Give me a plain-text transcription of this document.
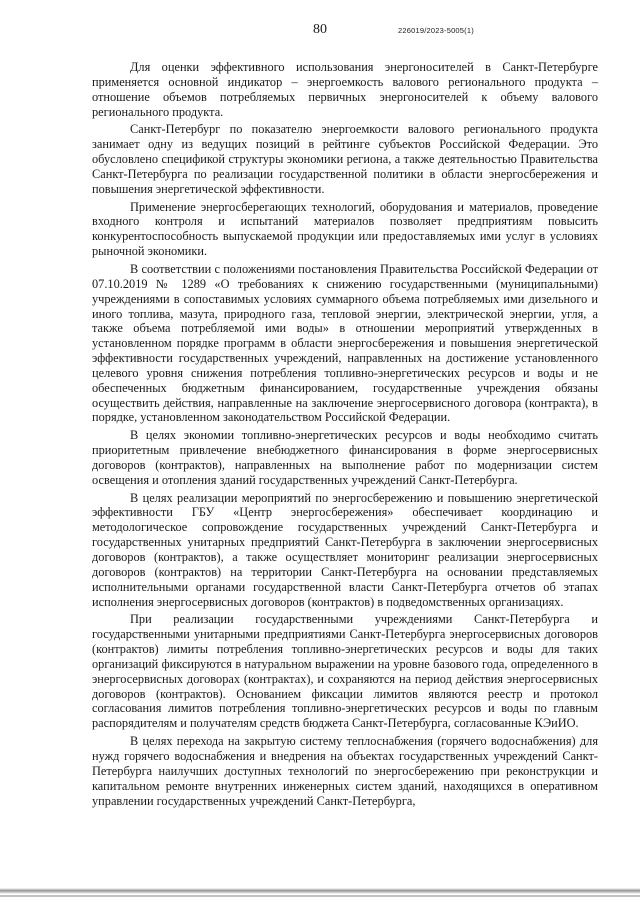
80	226019/2023-5005(1)

Для оценки эффективного использования энергоносителей в Санкт-Петербурге применяется основной индикатор – энергоемкость валового регионального продукта – отношение объемов потребляемых первичных энергоносителей к объему валового регионального продукта.

Санкт-Петербург по показателю энергоемкости валового регионального продукта занимает одну из ведущих позиций в рейтинге субъектов Российской Федерации. Это обусловлено спецификой структуры экономики региона, а также деятельностью Правительства Санкт-Петербурга по реализации государственной политики в области энергосбережения и повышения энергетической эффективности.

Применение энергосберегающих технологий, оборудования и материалов, проведение входного контроля и испытаний материалов позволяет предприятиям повысить конкурентоспособность выпускаемой продукции или предоставляемых ими услуг в условиях рыночной экономики.

В соответствии с положениями постановления Правительства Российской Федерации от 07.10.2019 № 1289 «О требованиях к снижению государственными (муниципальными) учреждениями в сопоставимых условиях суммарного объема потребляемых ими дизельного и иного топлива, мазута, природного газа, тепловой энергии, электрической энергии, угля, а также объема потребляемой ими воды» в отношении мероприятий утвержденных в установленном порядке программ в области энергосбережения и повышения энергетической эффективности государственных учреждений, направленных на достижение установленного целевого уровня снижения потребления топливно-энергетических ресурсов и воды и не обеспеченных бюджетным финансированием, государственные учреждения обязаны осуществить действия, направленные на заключение энергосервисного договора (контракта), в порядке, установленном законодательством Российской Федерации.

В целях экономии топливно-энергетических ресурсов и воды необходимо считать приоритетным привлечение внебюджетного финансирования в форме энергосервисных договоров (контрактов), направленных на выполнение работ по модернизации систем освещения и отопления зданий государственных учреждений Санкт-Петербурга.

В целях реализации мероприятий по энергосбережению и повышению энергетической эффективности ГБУ «Центр энергосбережения» обеспечивает координацию и методологическое сопровождение государственных учреждений Санкт-Петербурга и государственных унитарных предприятий Санкт-Петербурга в заключении энергосервисных договоров (контрактов), а также осуществляет мониторинг реализации энергосервисных договоров (контрактов) на территории Санкт-Петербурга на основании представляемых исполнительными органами государственной власти Санкт-Петербурга отчетов об этапах исполнения энергосервисных договоров (контрактов) в подведомственных организациях.

При реализации государственными учреждениями Санкт-Петербурга и государственными унитарными предприятиями Санкт-Петербурга энергосервисных договоров (контрактов) лимиты потребления топливно-энергетических ресурсов и воды для таких организаций фиксируются в натуральном выражении на уровне базового года, определенного в энергосервисных договорах (контрактах), и сохраняются на период действия энергосервисных договоров (контрактов). Основанием фиксации лимитов являются реестр и протокол согласования лимитов потребления топливно-энергетических ресурсов и воды по главным распорядителям и получателям средств бюджета Санкт-Петербурга, согласованные КЭиИО.

В целях перехода на закрытую систему теплоснабжения (горячего водоснабжения) для нужд горячего водоснабжения и внедрения на объектах государственных учреждений Санкт-Петербурга наилучших доступных технологий по энергосбережению при реконструкции и капитальном ремонте внутренних инженерных систем зданий, находящихся в оперативном управлении государственных учреждений Санкт-Петербурга,
